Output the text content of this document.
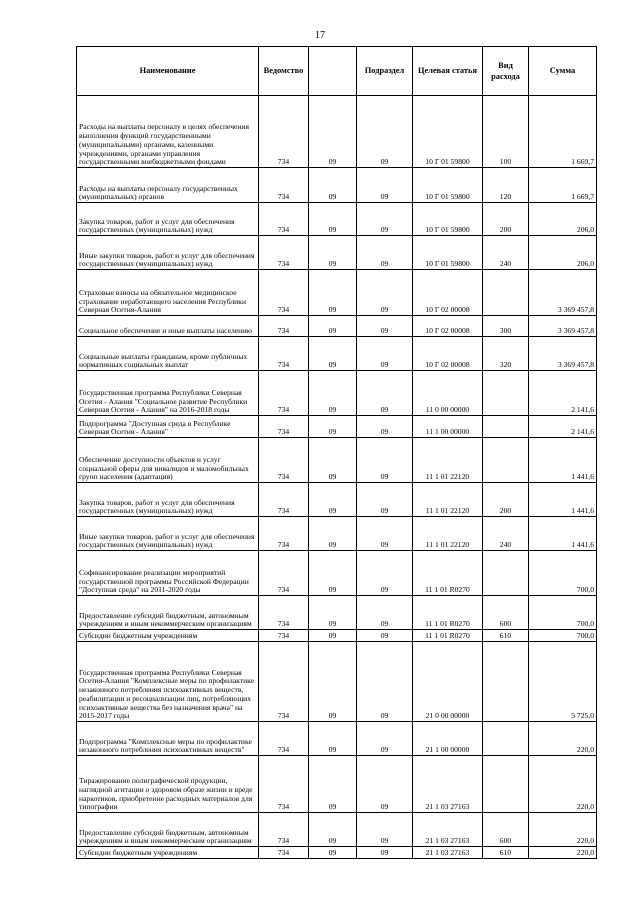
17
Наименование	Ведомство		Подраздел	Целевая статья	Вид расхода	Сумма
Расходы на выплаты персоналу в целях обеспечения выполнения функций государственными (муниципальными) органами, казенными учреждениями, органами управления государственными внебюджетными фондами	734	09	09	10 Г 01 59800	100	1 669,7
Расходы на выплаты персоналу государственных (муниципальных) органов	734	09	09	10 Г 01 59800	120	1 669,7
Закупка товаров, работ и услуг для обеспечения государственных (муниципальных) нужд	734	09	09	10 Г 01 59800	200	206,0
Иные закупки товаров, работ и услуг для обеспечения государственных (муниципальных) нужд	734	09	09	10 Г 01 59800	240	206,0
Страховые взносы на обязательное медицинское страхование неработающего населения Республики Северная Осетия-Алания	734	09	09	10 Г 02 00008		3 369 457,8
Социальное обеспечение и иные выплаты населению	734	09	09	10 Г 02 00008	300	3 369 457,8
Социальные выплаты гражданам, кроме публичных нормативных социальных выплат	734	09	09	10 Г 02 00008	320	3 369 457,8
Государственная программа Республики Северная Осетия - Алания "Социальное развитие Республики Северная Осетия - Алания" на 2016-2018 годы	734	09	09	11 0 00 00000		2 141,6
Подпрограмма "Доступная среда в Республике Северная Осетия - Алания"	734	09	09	11 1 00 00000		2 141,6
Обеспечение доступности объектов и услуг социальной сферы для инвалидов и маломобильных групп населения (адаптация)	734	09	09	11 1 01 22120		1 441,6
Закупка товаров, работ и услуг для обеспечения государственных (муниципальных) нужд	734	09	09	11 1 01 22120	200	1 441,6
Иные закупки товаров, работ и услуг для обеспечения государственных (муниципальных) нужд	734	09	09	11 1 01 22120	240	1 441,6
Софинансирование реализации мероприятий государственной программы Российской Федерации "Доступная среда" на 2011-2020 годы	734	09	09	11 1 01 R0270		700,0
Предоставление субсидий бюджетным, автономным учреждениям и иным некоммерческим организациям	734	09	09	11 1 01 R0270	600	700,0
Субсидии бюджетным учреждениям	734	09	09	11 1 01 R0270	610	700,0
Государственная программа Республики Северная Осетия-Алания "Комплексные меры по профилактике незаконного потребления психоактивных веществ, реабилитации и ресоциализации лиц, потребляющих психоактивные вещества без назначения врача" на 2015-2017 годы	734	09	09	21 0 00 00000		5 725,0
Подпрограмма "Комплексные меры по профилактике незаконного потребления психоактивных веществ"	734	09	09	21 1 00 00000		220,0
Тиражирование полиграфической продукции, наглядной агитации о здоровом образе жизни и вреде наркотиков, приобретение расходных материалов для типографии	734	09	09	21 1 03 27163		220,0
Предоставление субсидий бюджетным, автономным учреждениям и иным некоммерческим организациям	734	09	09	21 1 03 27163	600	220,0
Субсидии бюджетным учреждениям	734	09	09	21 1 03 27163	610	220,0
